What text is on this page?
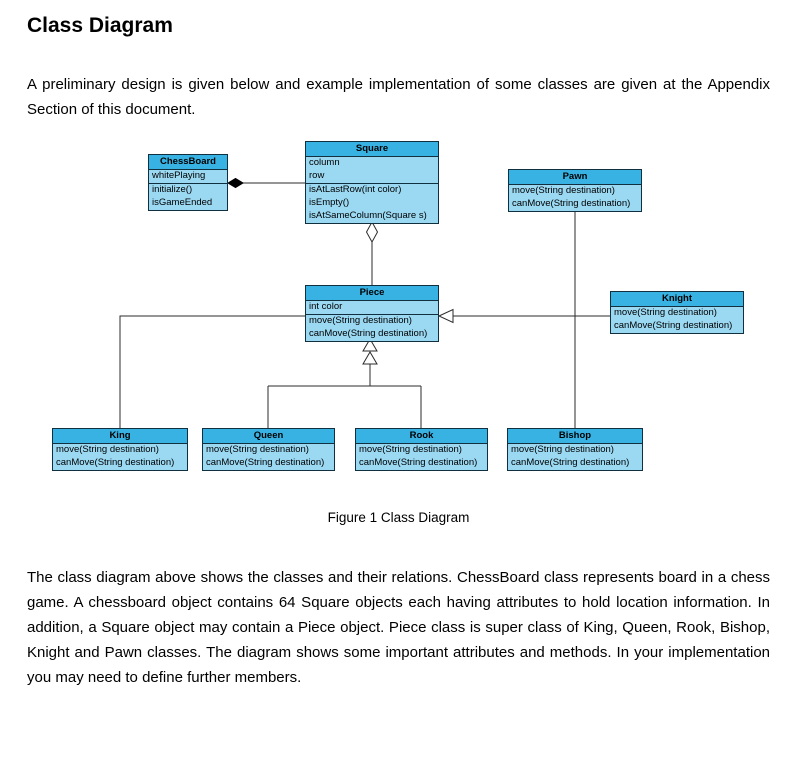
Class Diagram

A preliminary design is given below and example implementation of some classes are given at the Appendix Section of this document.

ChessBoard
whitePlaying
initialize()
isGameEnded
Square
column
row
isAtLastRow(int color)
isEmpty()
isAtSameColumn(Square s)
Pawn
move(String destination)
canMove(String destination)
Piece
int color
move(String destination)
canMove(String destination)
Knight
move(String destination)
canMove(String destination)
King
move(String destination)
canMove(String destination)
Queen
move(String destination)
canMove(String destination)
Rook
move(String destination)
canMove(String destination)
Bishop
move(String destination)
canMove(String destination)

Figure 1 Class Diagram

The class diagram above shows the classes and their relations. ChessBoard class represents board in a chess game. A chessboard object contains 64 Square objects each having attributes to hold location information. In addition, a Square object may contain a Piece object. Piece class is super class of King, Queen, Rook, Bishop, Knight and Pawn classes. The diagram shows some important attributes and methods. In your implementation you may need to define further members.
